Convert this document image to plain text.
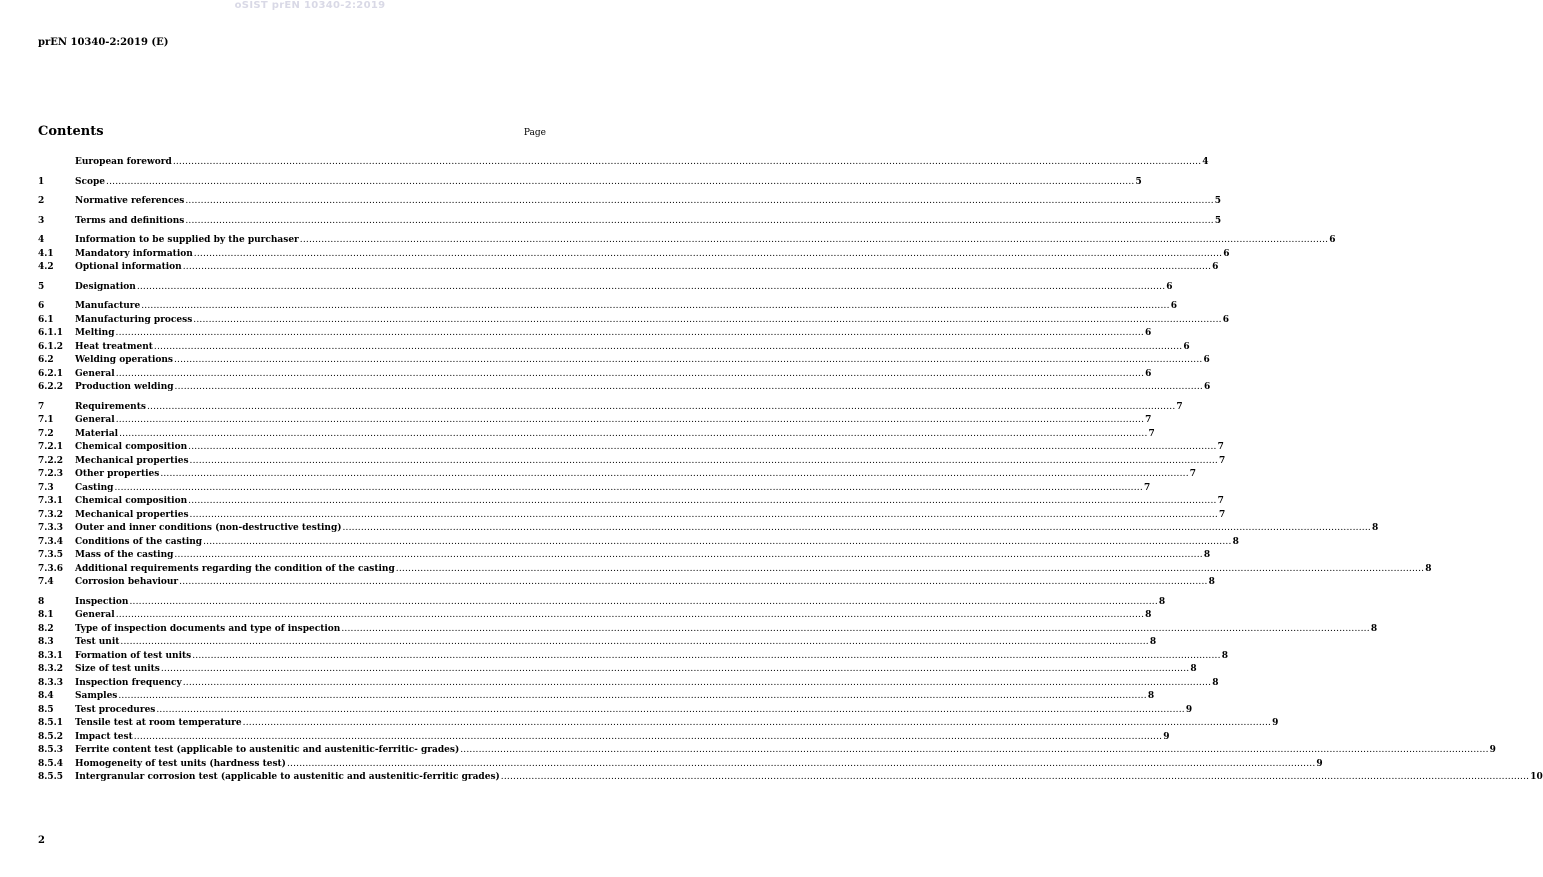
oSIST prEN 10340-2:2019
prEN 10340-2:2019 (E)
Contents	Page
European foreword .....	4
1	Scope .....	5
2	Normative references .....	5
3	Terms and definitions .....	5
4	Information to be supplied by the purchaser .....	6
4.1	Mandatory information .....	6
4.2	Optional information .....	6
5	Designation .....	6
6	Manufacture .....	6
6.1	Manufacturing process .....	6
6.1.1	Melting .....	6
6.1.2	Heat treatment .....	6
6.2	Welding operations .....	6
6.2.1	General .....	6
6.2.2	Production welding .....	6
7	Requirements .....	7
7.1	General .....	7
7.2	Material .....	7
7.2.1	Chemical composition .....	7
7.2.2	Mechanical properties .....	7
7.2.3	Other properties .....	7
7.3	Casting .....	7
7.3.1	Chemical composition .....	7
7.3.2	Mechanical properties .....	7
7.3.3	Outer and inner conditions (non-destructive testing) .....	8
7.3.4	Conditions of the casting .....	8
7.3.5	Mass of the casting .....	8
7.3.6	Additional requirements regarding the condition of the casting .....	8
7.4	Corrosion behaviour .....	8
8	Inspection .....	8
8.1	General .....	8
8.2	Type of inspection documents and type of inspection .....	8
8.3	Test unit .....	8
8.3.1	Formation of test units .....	8
8.3.2	Size of test units .....	8
8.3.3	Inspection frequency .....	8
8.4	Samples .....	8
8.5	Test procedures .....	9
8.5.1	Tensile test at room temperature .....	9
8.5.2	Impact test .....	9
8.5.3	Ferrite content test (applicable to austenitic and austenitic-ferritic- grades) .....	9
8.5.4	Homogeneity of test units (hardness test) .....	9
8.5.5	Intergranular corrosion test (applicable to austenitic and austenitic-ferritic grades) .....	10
2
